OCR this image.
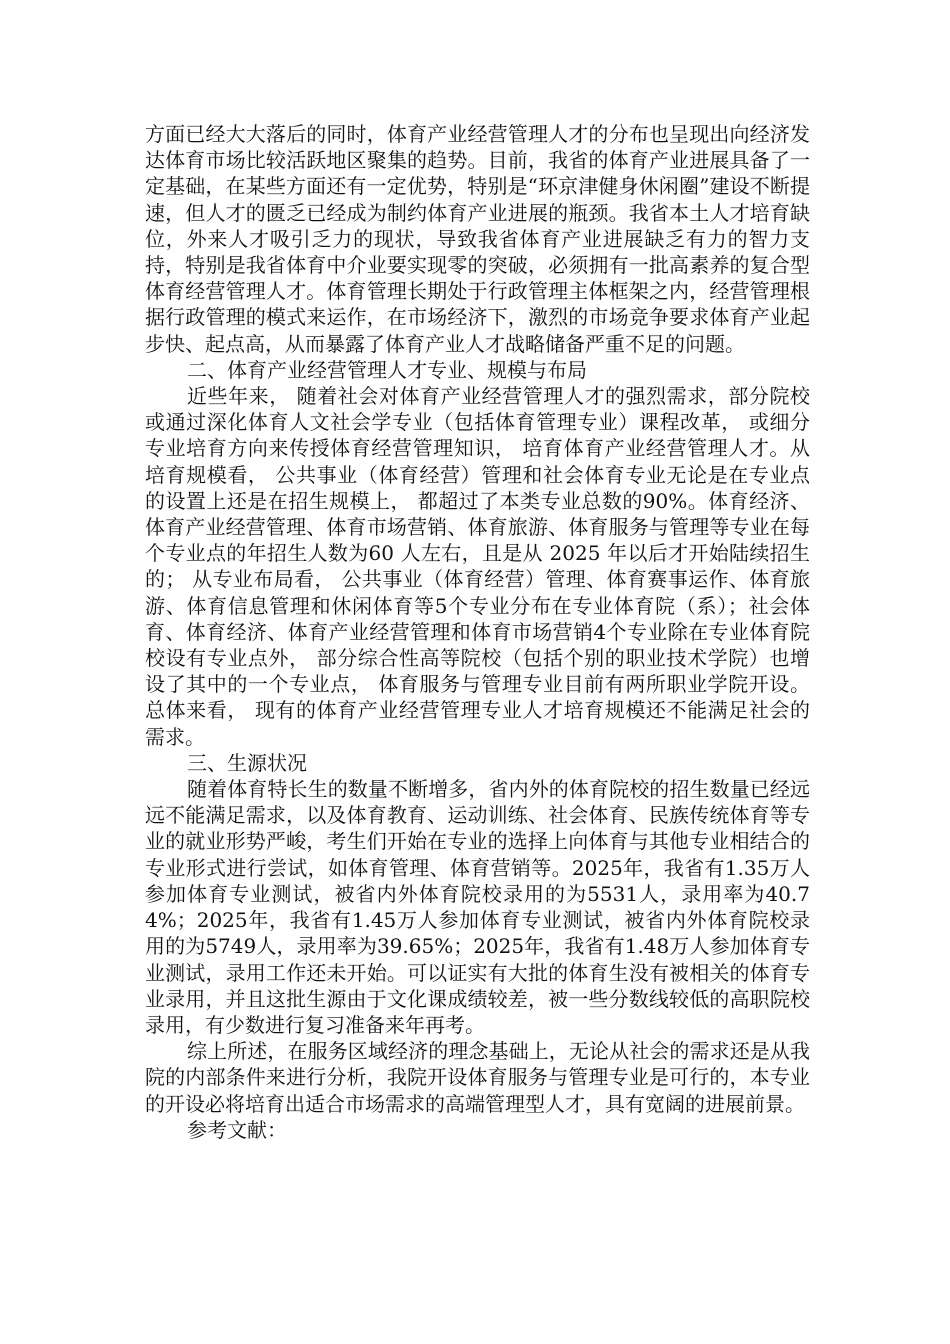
方面已经大大落后的同时，体育产业经营管理人才的分布也呈现出向经济发达体育市场比较活跃地区聚集的趋势。目前，我省的体育产业进展具备了一定基础，在某些方面还有一定优势，特别是“环京津健身休闲圈”建设不断提速，但人才的匮乏已经成为制约体育产业进展的瓶颈。我省本土人才培育缺位，外来人才吸引乏力的现状，导致我省体育产业进展缺乏有力的智力支持，特别是我省体育中介业要实现零的突破，必须拥有一批高素养的复合型体育经营管理人才。体育管理长期处于行政管理主体框架之内，经营管理根据行政管理的模式来运作，在市场经济下，激烈的市场竞争要求体育产业起步快、起点高，从而暴露了体育产业人才战略储备严重不足的问题。

二、体育产业经营管理人才专业、规模与布局

近些年来， 随着社会对体育产业经营管理人才的强烈需求，部分院校或通过深化体育人文社会学专业（包括体育管理专业）课程改革， 或细分专业培育方向来传授体育经营管理知识， 培育体育产业经营管理人才。从培育规模看， 公共事业（体育经营）管理和社会体育专业无论是在专业点的设置上还是在招生规模上， 都超过了本类专业总数的90%。体育经济、体育产业经营管理、体育市场营销、体育旅游、体育服务与管理等专业在每个专业点的年招生人数为60 人左右，且是从 2025 年以后才开始陆续招生的； 从专业布局看， 公共事业（体育经营）管理、体育赛事运作、体育旅游、体育信息管理和休闲体育等5个专业分布在专业体育院（系）；社会体育、体育经济、体育产业经营管理和体育市场营销4个专业除在专业体育院校设有专业点外， 部分综合性高等院校（包括个别的职业技术学院）也增设了其中的一个专业点， 体育服务与管理专业目前有两所职业学院开设。总体来看， 现有的体育产业经营管理专业人才培育规模还不能满足社会的需求。

三、生源状况

随着体育特长生的数量不断增多，省内外的体育院校的招生数量已经远远不能满足需求，以及体育教育、运动训练、社会体育、民族传统体育等专业的就业形势严峻，考生们开始在专业的选择上向体育与其他专业相结合的专业形式进行尝试，如体育管理、体育营销等。2025年，我省有1.35万人参加体育专业测试，被省内外体育院校录用的为5531人，录用率为40.74%；2025年，我省有1.45万人参加体育专业测试，被省内外体育院校录用的为5749人，录用率为39.65%；2025年，我省有1.48万人参加体育专业测试，录用工作还未开始。可以证实有大批的体育生没有被相关的体育专业录用，并且这批生源由于文化课成绩较差，被一些分数线较低的高职院校录用，有少数进行复习准备来年再考。

综上所述，在服务区域经济的理念基础上，无论从社会的需求还是从我院的内部条件来进行分析，我院开设体育服务与管理专业是可行的，本专业的开设必将培育出适合市场需求的高端管理型人才，具有宽阔的进展前景。

参考文献：
